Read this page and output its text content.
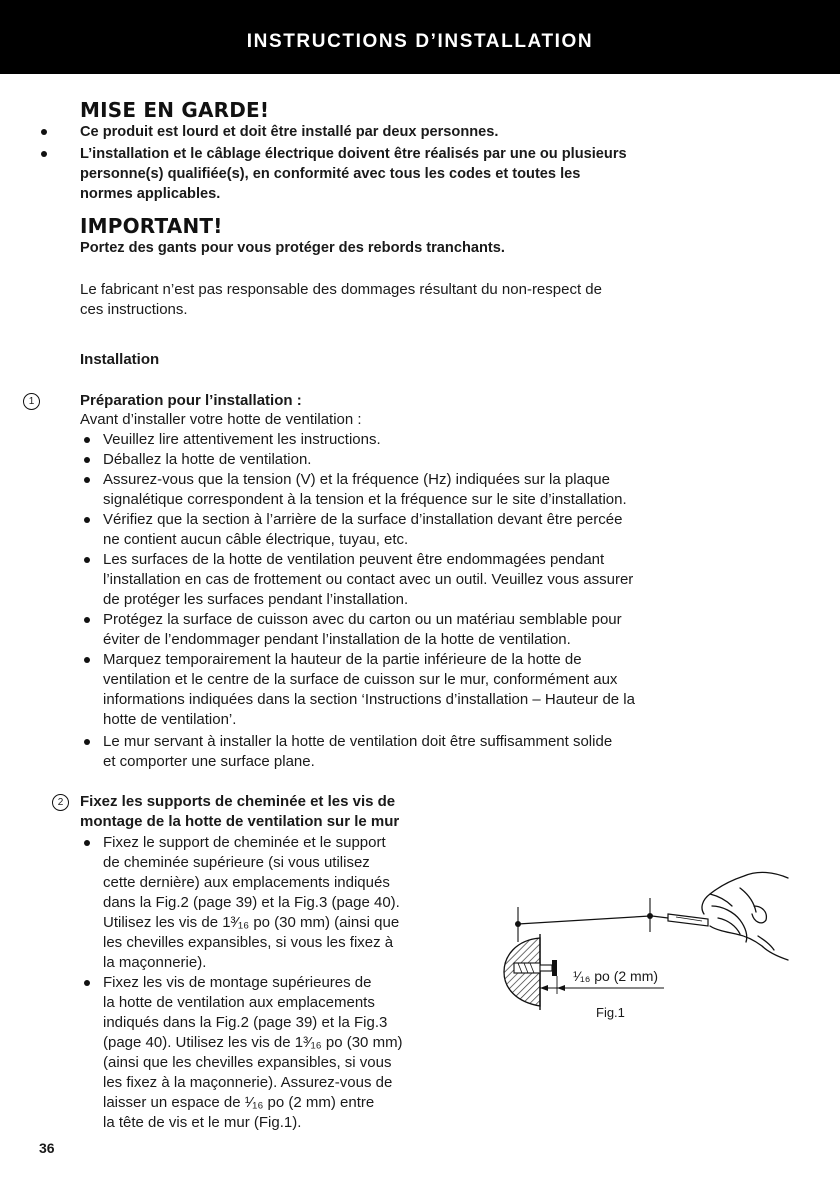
INSTRUCTIONS D’INSTALLATION
MISE EN GARDE!
Ce produit est lourd et doit être installé par deux personnes.
L’installation et le câblage électrique doivent être réalisés par une ou plusieurs
personne(s) qualifiée(s), en conformité avec tous les codes et toutes les
normes applicables.
IMPORTANT!
Portez des gants pour vous protéger des rebords tranchants.
Le fabricant n’est pas responsable des dommages résultant du non-respect de
ces instructions.
Installation
1	Préparation pour l’installation :
Avant d’installer votre hotte de ventilation :
Veuillez lire attentivement les instructions.
Déballez la hotte de ventilation.
Assurez-vous que la tension (V) et la fréquence (Hz) indiquées sur la plaque
signalétique correspondent à la tension et la fréquence sur le site d’installation.
Vérifiez que la section à l’arrière de la surface d’installation devant être percée
ne contient aucun câble électrique, tuyau, etc.
Les surfaces de la hotte de ventilation peuvent être endommagées pendant
l’installation en cas de frottement ou contact avec un outil. Veuillez vous assurer
de protéger les surfaces pendant l’installation.
Protégez la surface de cuisson avec du carton ou un matériau semblable pour
éviter de l’endommager pendant l’installation de la hotte de ventilation.
Marquez temporairement la hauteur de la partie inférieure de la hotte de
ventilation et le centre de la surface de cuisson sur le mur, conformément aux
informations indiquées dans la section ‘Instructions d’installation – Hauteur de la
hotte de ventilation’.
Le mur servant à installer la hotte de ventilation doit être suffisamment solide
et comporter une surface plane.
2	Fixez les supports de cheminée et les vis de
montage de la hotte de ventilation sur le mur
Fixez le support de cheminée et le support
de cheminée supérieure (si vous utilisez
cette dernière) aux emplacements indiqués
dans la Fig.2 (page 39) et la Fig.3 (page 40).
Utilisez les vis de 1³⁄₁₆ po (30 mm) (ainsi que
les chevilles expansibles, si vous les fixez à
la maçonnerie).
Fixez les vis de montage supérieures de
la hotte de ventilation aux emplacements
indiqués dans la Fig.2 (page 39) et la Fig.3
(page 40). Utilisez les vis de 1³⁄₁₆ po (30 mm)
(ainsi que les chevilles expansibles, si vous
les fixez à la maçonnerie). Assurez-vous de
laisser un espace de ¹⁄₁₆ po (2 mm) entre
la tête de vis et le mur (Fig.1).
¹⁄₁₆ po (2 mm)
Fig.1
36
